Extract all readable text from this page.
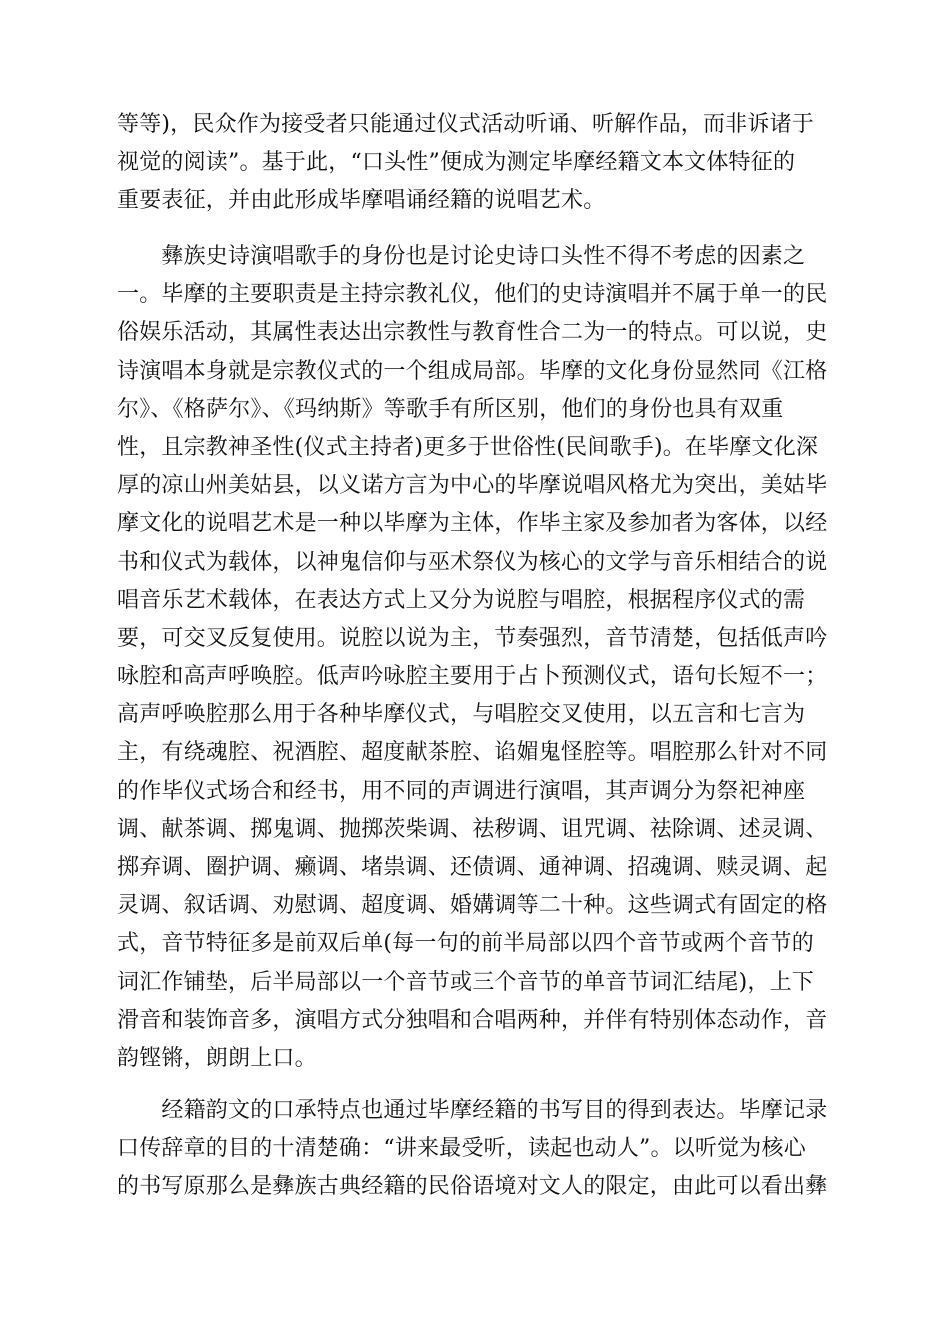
等等)，民众作为接受者只能通过仪式活动听诵、听解作品，而非诉诸于
视觉的阅读”。基于此，“口头性”便成为测定毕摩经籍文本文体特征的
重要表征，并由此形成毕摩唱诵经籍的说唱艺术。
　　彝族史诗演唱歌手的身份也是讨论史诗口头性不得不考虑的因素之
一。毕摩的主要职责是主持宗教礼仪，他们的史诗演唱并不属于单一的民
俗娱乐活动，其属性表达出宗教性与教育性合二为一的特点。可以说，史
诗演唱本身就是宗教仪式的一个组成局部。毕摩的文化身份显然同《江格
尔》、《格萨尔》、《玛纳斯》等歌手有所区别，他们的身份也具有双重
性，且宗教神圣性(仪式主持者)更多于世俗性(民间歌手)。在毕摩文化深
厚的凉山州美姑县，以义诺方言为中心的毕摩说唱风格尤为突出，美姑毕
摩文化的说唱艺术是一种以毕摩为主体，作毕主家及参加者为客体，以经
书和仪式为载体，以神鬼信仰与巫术祭仪为核心的文学与音乐相结合的说
唱音乐艺术载体，在表达方式上又分为说腔与唱腔，根据程序仪式的需
要，可交叉反复使用。说腔以说为主，节奏强烈，音节清楚，包括低声吟
咏腔和高声呼唤腔。低声吟咏腔主要用于占卜预测仪式，语句长短不一；
高声呼唤腔那么用于各种毕摩仪式，与唱腔交叉使用，以五言和七言为
主，有绕魂腔、祝酒腔、超度献茶腔、谄媚鬼怪腔等。唱腔那么针对不同
的作毕仪式场合和经书，用不同的声调进行演唱，其声调分为祭祀神座
调、献茶调、掷鬼调、抛掷茨柴调、祛秽调、诅咒调、祛除调、述灵调、
掷弃调、圈护调、癞调、堵祟调、还债调、通神调、招魂调、赎灵调、起
灵调、叙话调、劝慰调、超度调、婚媾调等二十种。这些调式有固定的格
式，音节特征多是前双后单(每一句的前半局部以四个音节或两个音节的
词汇作铺垫，后半局部以一个音节或三个音节的单音节词汇结尾)，上下
滑音和装饰音多，演唱方式分独唱和合唱两种，并伴有特别体态动作，音
韵铿锵，朗朗上口。
　　经籍韵文的口承特点也通过毕摩经籍的书写目的得到表达。毕摩记录
口传辞章的目的十清楚确：“讲来最受听，读起也动人”。以听觉为核心
的书写原那么是彝族古典经籍的民俗语境对文人的限定，由此可以看出彝
